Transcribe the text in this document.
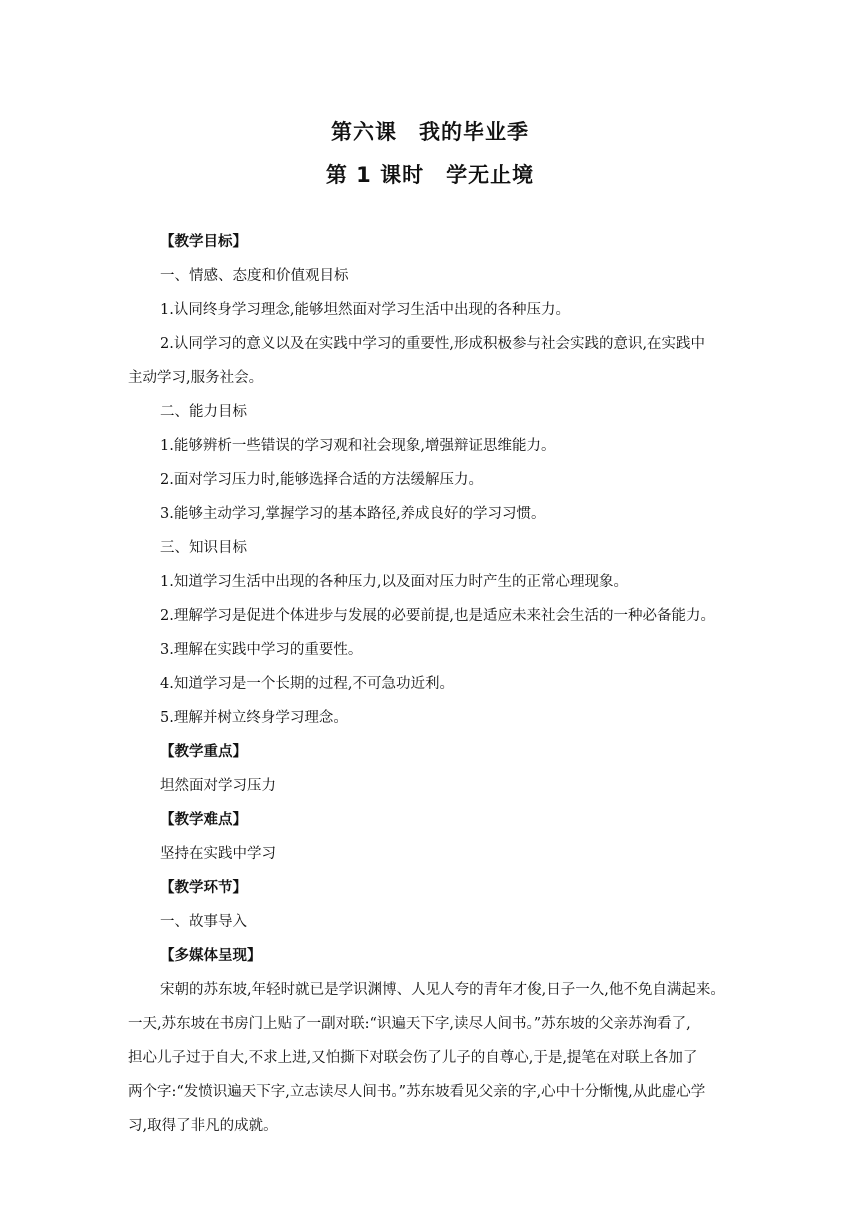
第六课　我的毕业季
第 1 课时　学无止境
【教学目标】
一、情感、态度和价值观目标
1.认同终身学习理念,能够坦然面对学习生活中出现的各种压力。
2.认同学习的意义以及在实践中学习的重要性,形成积极参与社会实践的意识,在实践中
主动学习,服务社会。
二、能力目标
1.能够辨析一些错误的学习观和社会现象,增强辩证思维能力。
2.面对学习压力时,能够选择合适的方法缓解压力。
3.能够主动学习,掌握学习的基本路径,养成良好的学习习惯。
三、知识目标
1.知道学习生活中出现的各种压力,以及面对压力时产生的正常心理现象。
2.理解学习是促进个体进步与发展的必要前提,也是适应未来社会生活的一种必备能力。
3.理解在实践中学习的重要性。
4.知道学习是一个长期的过程,不可急功近利。
5.理解并树立终身学习理念。
【教学重点】
坦然面对学习压力
【教学难点】
坚持在实践中学习
【教学环节】
一、故事导入
【多媒体呈现】
宋朝的苏东坡,年轻时就已是学识渊博、人见人夸的青年才俊,日子一久,他不免自满起来。
一天,苏东坡在书房门上贴了一副对联:“识遍天下字,读尽人间书。”苏东坡的父亲苏洵看了,
担心儿子过于自大,不求上进,又怕撕下对联会伤了儿子的自尊心,于是,提笔在对联上各加了
两个字:“发愤识遍天下字,立志读尽人间书。”苏东坡看见父亲的字,心中十分惭愧,从此虚心学
习,取得了非凡的成就。
